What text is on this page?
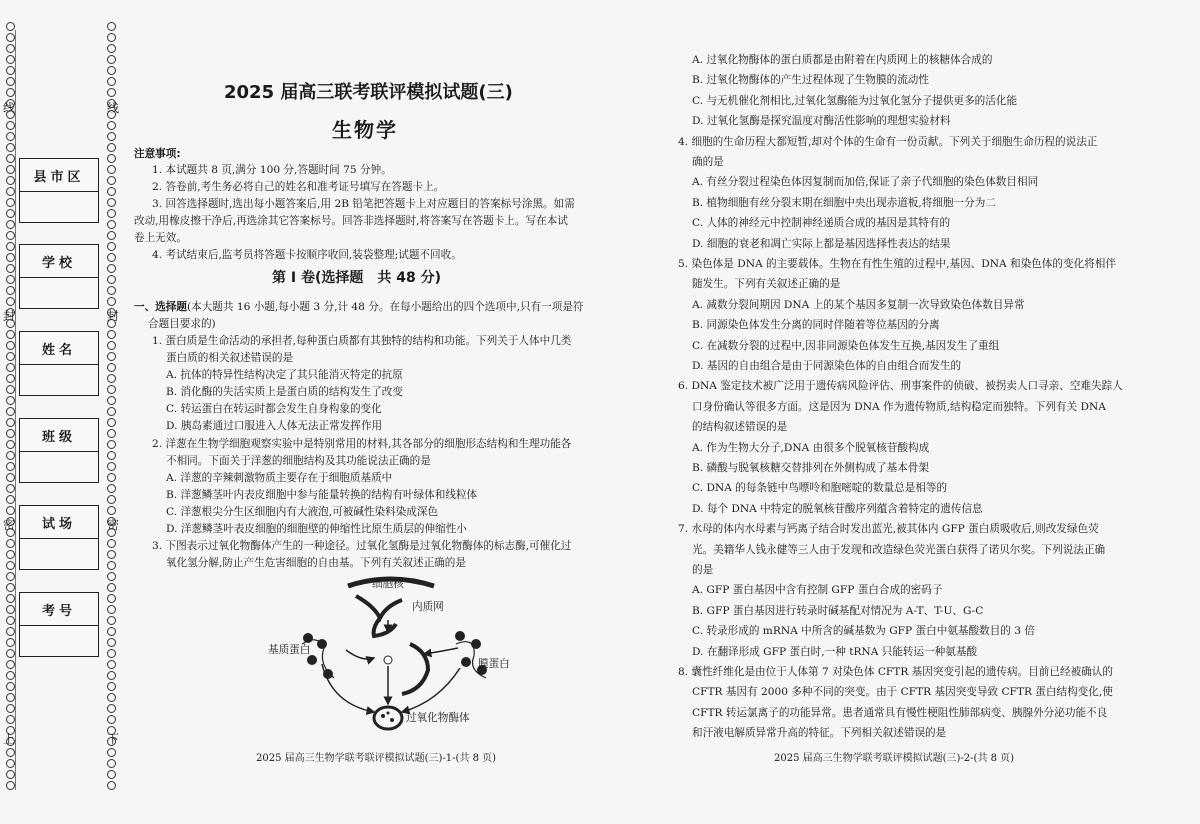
线	线
封	封
密	密
上	下
县市区
学校
姓名
班级
试场
考号
2025 届高三联考联评模拟试题(三)
生物学
注意事项:
1. 本试题共 8 页,满分 100 分,答题时间 75 分钟。
2. 答卷前,考生务必将自己的姓名和准考证号填写在答题卡上。
3. 回答选择题时,选出每小题答案后,用 2B 铅笔把答题卡上对应题目的答案标号涂黑。如需
改动,用橡皮擦干净后,再选涂其它答案标号。回答非选择题时,将答案写在答题卡上。写在本试
卷上无效。
4. 考试结束后,监考员将答题卡按顺序收回,装袋整理;试题不回收。
第 Ⅰ 卷(选择题　共 48 分)
一、选择题(本大题共 16 小题,每小题 3 分,计 48 分。在每小题给出的四个选项中,只有一项是符
合题目要求的)
1. 蛋白质是生命活动的承担者,每种蛋白质都有其独特的结构和功能。下列关于人体中几类
蛋白质的相关叙述错误的是
A. 抗体的特异性结构决定了其只能消灭特定的抗原
B. 消化酶的失活实质上是蛋白质的结构发生了改变
C. 转运蛋白在转运时都会发生自身构象的变化
D. 胰岛素通过口服进入人体无法正常发挥作用
2. 洋葱在生物学细胞观察实验中是特别常用的材料,其各部分的细胞形态结构和生理功能各
不相同。下面关于洋葱的细胞结构及其功能说法正确的是
A. 洋葱的辛辣刺激物质主要存在于细胞质基质中
B. 洋葱鳞茎叶内表皮细胞中参与能量转换的结构有叶绿体和线粒体
C. 洋葱根尖分生区细胞内有大液泡,可被碱性染料染成深色
D. 洋葱鳞茎叶表皮细胞的细胞壁的伸缩性比原生质层的伸缩性小
3. 下图表示过氧化物酶体产生的一种途径。过氧化氢酶是过氧化物酶体的标志酶,可催化过
氧化氢分解,防止产生危害细胞的自由基。下列有关叙述正确的是
细胞核
内质网
基质蛋白
膜蛋白
过氧化物酶体
2025 届高三生物学联考联评模拟试题(三)-1-(共 8 页)
A. 过氧化物酶体的蛋白质都是由附着在内质网上的核糖体合成的
B. 过氧化物酶体的产生过程体现了生物膜的流动性
C. 与无机催化剂相比,过氧化氢酶能为过氧化氢分子提供更多的活化能
D. 过氧化氢酶是探究温度对酶活性影响的理想实验材料
4. 细胞的生命历程大都短暂,却对个体的生命有一份贡献。下列关于细胞生命历程的说法正
确的是
A. 有丝分裂过程染色体因复制而加倍,保证了亲子代细胞的染色体数目相同
B. 植物细胞有丝分裂末期在细胞中央出现赤道板,将细胞一分为二
C. 人体的神经元中控制神经递质合成的基因是其特有的
D. 细胞的衰老和凋亡实际上都是基因选择性表达的结果
5. 染色体是 DNA 的主要载体。生物在有性生殖的过程中,基因、DNA 和染色体的变化将相伴
随发生。下列有关叙述正确的是
A. 减数分裂间期因 DNA 上的某个基因多复制一次导致染色体数目异常
B. 同源染色体发生分离的同时伴随着等位基因的分离
C. 在减数分裂的过程中,因非同源染色体发生互换,基因发生了重组
D. 基因的自由组合是由于同源染色体的自由组合而发生的
6. DNA 鉴定技术被广泛用于遗传病风险评估、刑事案件的侦破、被拐卖人口寻亲、空难失踪人
口身份确认等很多方面。这是因为 DNA 作为遗传物质,结构稳定而独特。下列有关 DNA
的结构叙述错误的是
A. 作为生物大分子,DNA 由很多个脱氧核苷酸构成
B. 磷酸与脱氧核糖交替排列在外侧构成了基本骨架
C. DNA 的每条链中鸟嘌呤和胞嘧啶的数量总是相等的
D. 每个 DNA 中特定的脱氧核苷酸序列蕴含着特定的遗传信息
7. 水母的体内水母素与钙离子结合时发出蓝光,被其体内 GFP 蛋白质吸收后,则改发绿色荧
光。美籍华人钱永健等三人由于发现和改造绿色荧光蛋白获得了诺贝尔奖。下列说法正确
的是
A. GFP 蛋白基因中含有控制 GFP 蛋白合成的密码子
B. GFP 蛋白基因进行转录时碱基配对情况为 A-T、T-U、G-C
C. 转录形成的 mRNA 中所含的碱基数为 GFP 蛋白中氨基酸数目的 3 倍
D. 在翻译形成 GFP 蛋白时,一种 tRNA 只能转运一种氨基酸
8. 囊性纤维化是由位于人体第 7 对染色体 CFTR 基因突变引起的遗传病。目前已经被确认的
CFTR 基因有 2000 多种不同的突变。由于 CFTR 基因突变导致 CFTR 蛋白结构变化,使
CFTR 转运氯离子的功能异常。患者通常具有慢性梗阻性肺部病变、胰腺外分泌功能不良
和汗液电解质异常升高的特征。下列相关叙述错误的是
2025 届高三生物学联考联评模拟试题(三)-2-(共 8 页)
